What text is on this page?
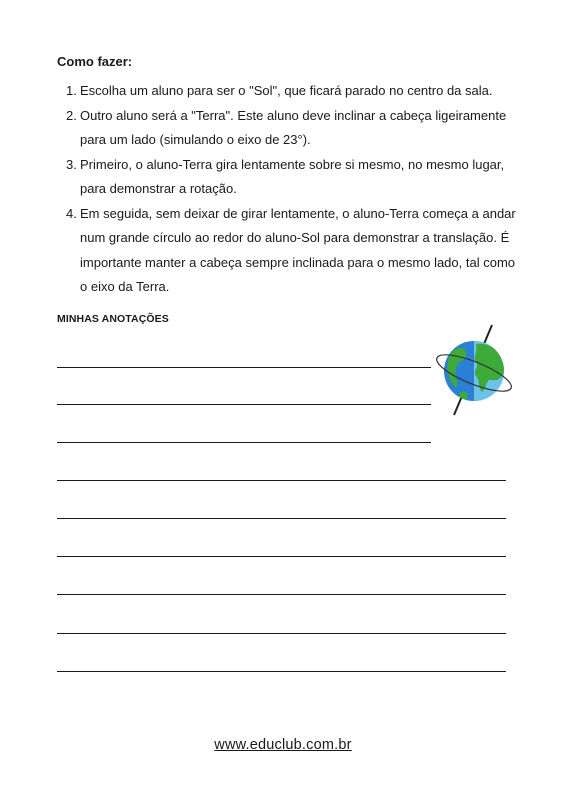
Como fazer:
1. Escolha um aluno para ser o "Sol", que ficará parado no centro da sala.
2. Outro aluno será a "Terra". Este aluno deve inclinar a cabeça ligeiramente para um lado (simulando o eixo de 23°).
3. Primeiro, o aluno-Terra gira lentamente sobre si mesmo, no mesmo lugar, para demonstrar a rotação.
4. Em seguida, sem deixar de girar lentamente, o aluno-Terra começa a andar num grande círculo ao redor do aluno-Sol para demonstrar a translação. É importante manter a cabeça sempre inclinada para o mesmo lado, tal como o eixo da Terra.
MINHAS ANOTAÇÕES
www.educlub.com.br
